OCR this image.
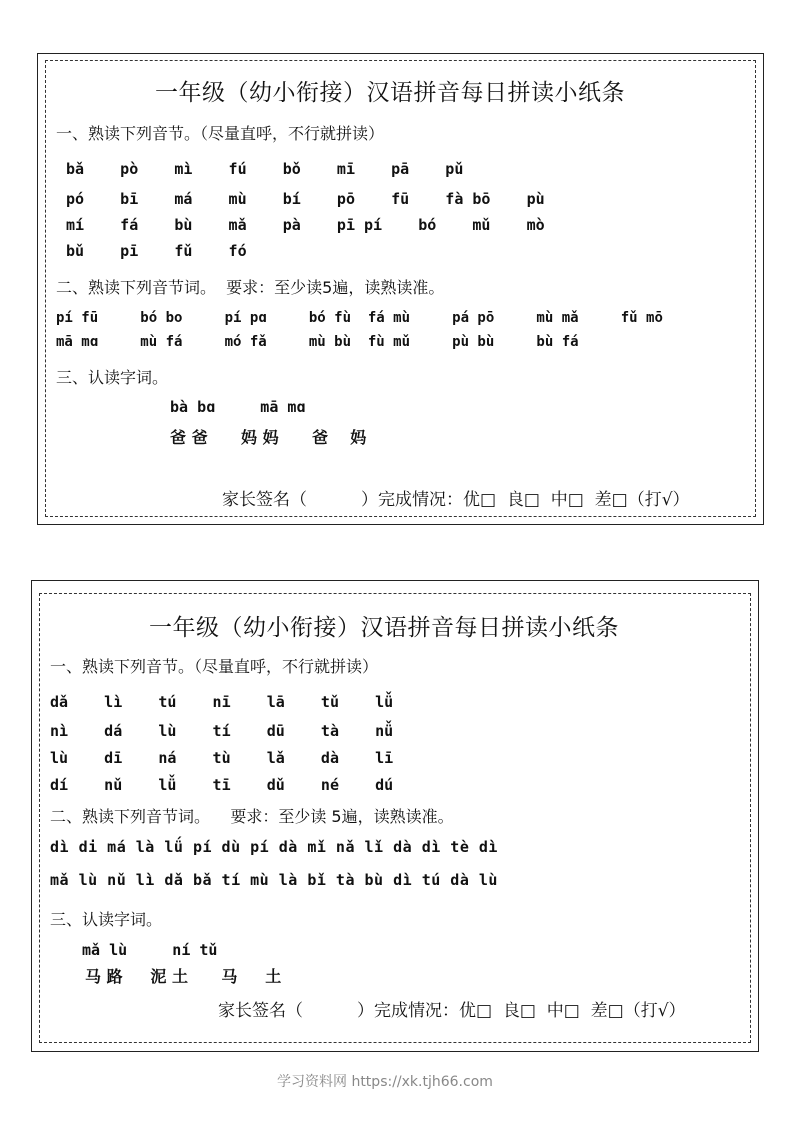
一年级（幼小衔接）汉语拼音每日拼读小纸条
一、熟读下列音节。（尽量直呼，不行就拼读）
bǎ    pò    mì    fú    bǒ    mī    pā    pǔ
pó    bī    má    mù    bí    pō    fū    fà bō    pù
mí    fá    bù    mǎ    pà    pī pí    bó    mǔ    mò
bǔ    pī    fǔ    fó
二、熟读下列音节词。  要求：至少读5遍，读熟读准。
pí fū     bó bo     pí pɑ     bó fù  fá mù     pá pō     mù mǎ     fǔ mō
mā mɑ     mù fá     mó fǎ     mù bù  fù mǔ     pù bù     bù fá
三、认读字词。
bà bɑ     mā mɑ
爸 爸      妈 妈      爸    妈
家长签名（          ）完成情况：优□  良□  中□  差□（打√）
一年级（幼小衔接）汉语拼音每日拼读小纸条
一、熟读下列音节。（尽量直呼，不行就拼读）
dǎ    lì    tú    nī    lā    tǔ    lǚ
nì    dá    lù    tí    dū    tà    nǚ
lù    dī    ná    tù    lǎ    dà    lī
dí    nǔ    lǚ    tī    dǔ    né    dú
二、熟读下列音节词。    要求：至少读 5遍，读熟读准。
dì di má là lǘ pí dù pí dà mǐ nǎ lǐ dà dì tè dì
mǎ lù nǔ lì dǎ bǎ tí mù là bǐ tà bù dì tú dà lù
三、认读字词。
mǎ lù     ní tǔ
马 路     泥 土      马     土
家长签名（          ）完成情况：优□  良□  中□  差□（打√）
学习资料网 https://xk.tjh66.com
